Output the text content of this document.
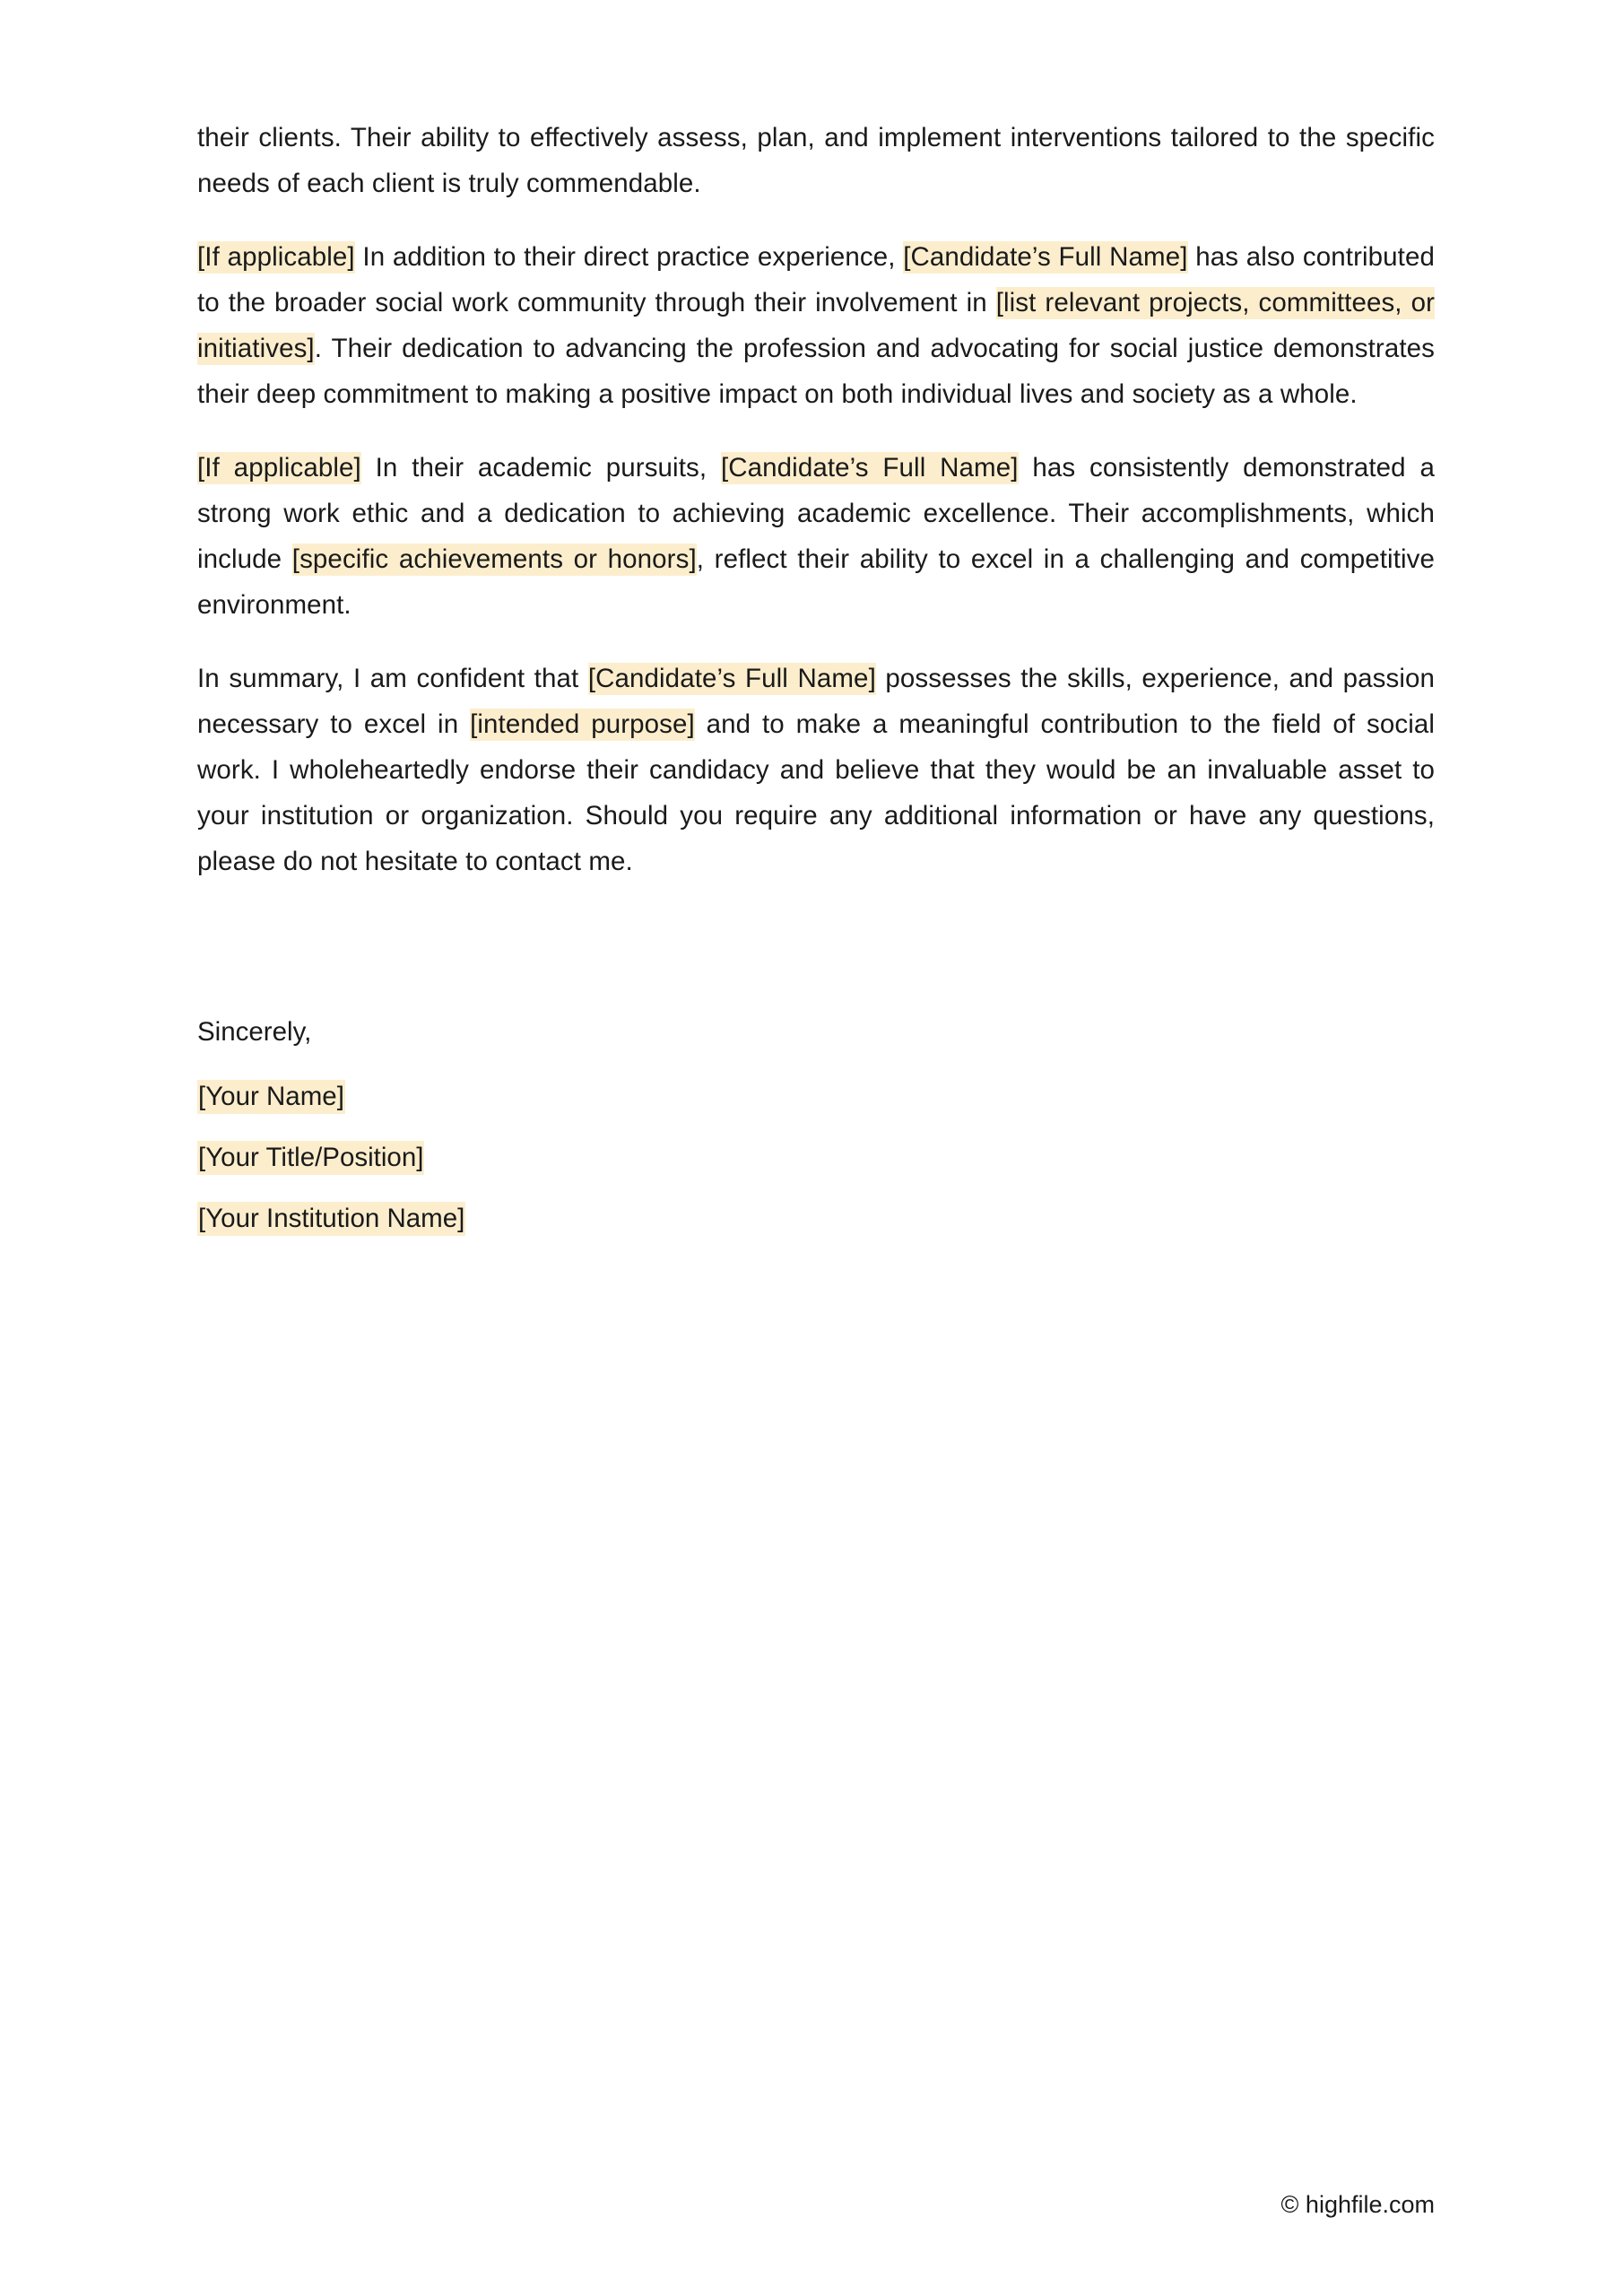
their clients. Their ability to effectively assess, plan, and implement interventions tailored to the specific needs of each client is truly commendable.

[If applicable] In addition to their direct practice experience, [Candidate’s Full Name] has also contributed to the broader social work community through their involvement in [list relevant projects, committees, or initiatives]. Their dedication to advancing the profession and advocating for social justice demonstrates their deep commitment to making a positive impact on both individual lives and society as a whole.

[If applicable] In their academic pursuits, [Candidate’s Full Name] has consistently demonstrated a strong work ethic and a dedication to achieving academic excellence. Their accomplishments, which include [specific achievements or honors], reflect their ability to excel in a challenging and competitive environment.

In summary, I am confident that [Candidate’s Full Name] possesses the skills, experience, and passion necessary to excel in [intended purpose] and to make a meaningful contribution to the field of social work. I wholeheartedly endorse their candidacy and believe that they would be an invaluable asset to your institution or organization. Should you require any additional information or have any questions, please do not hesitate to contact me.

Sincerely,
[Your Name]
[Your Title/Position]
[Your Institution Name]
© highfile.com
